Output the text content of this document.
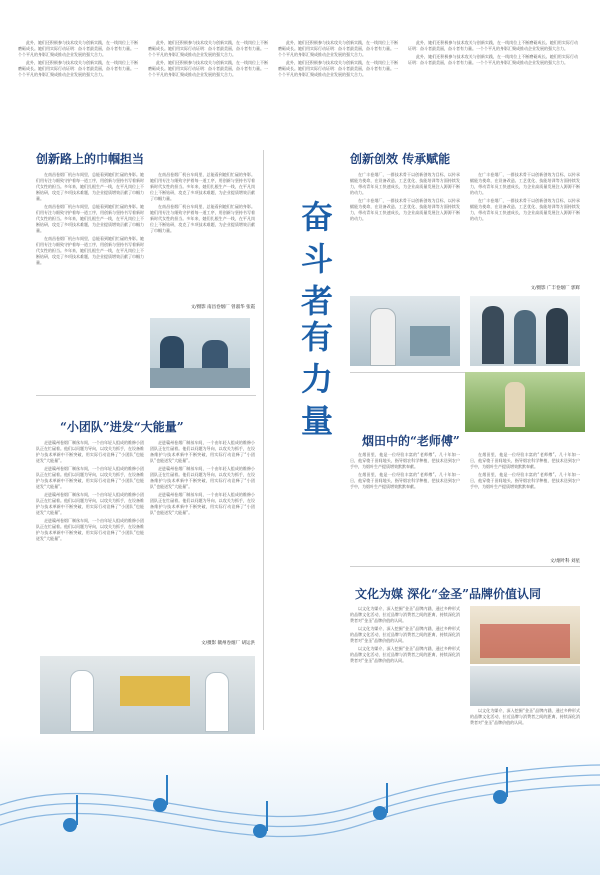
此外，她们还积极参与技术攻关与创新实践，在一线岗位上不断磨砺成长。她们用实际行动证明：奋斗者最美丽，奋斗者有力量。一个个平凡的身影汇聚成推动企业发展的强大合力。

此外，她们还积极参与技术攻关与创新实践，在一线岗位上不断磨砺成长。她们用实际行动证明：奋斗者最美丽，奋斗者有力量。一个个平凡的身影汇聚成推动企业发展的强大合力。

此外，她们还积极参与技术攻关与创新实践，在一线岗位上不断磨砺成长。她们用实际行动证明：奋斗者最美丽，奋斗者有力量。一个个平凡的身影汇聚成推动企业发展的强大合力。

此外，她们还积极参与技术攻关与创新实践，在一线岗位上不断磨砺成长。她们用实际行动证明：奋斗者最美丽，奋斗者有力量。一个个平凡的身影汇聚成推动企业发展的强大合力。

此外，她们还积极参与技术攻关与创新实践，在一线岗位上不断磨砺成长。她们用实际行动证明：奋斗者最美丽，奋斗者有力量。一个个平凡的身影汇聚成推动企业发展的强大合力。

此外，她们还积极参与技术攻关与创新实践，在一线岗位上不断磨砺成长。她们用实际行动证明：奋斗者最美丽，奋斗者有力量。一个个平凡的身影汇聚成推动企业发展的强大合力。

此外，她们还积极参与技术攻关与创新实践，在一线岗位上不断磨砺成长。她们用实际行动证明：奋斗者最美丽，奋斗者有力量。一个个平凡的身影汇聚成推动企业发展的强大合力。

此外，她们还积极参与技术攻关与创新实践，在一线岗位上不断磨砺成长。她们用实际行动证明：奋斗者最美丽，奋斗者有力量。一个个平凡的身影汇聚成推动企业发展的强大合力。

创新路上的巾帼担当

在南昌卷烟厂机台车间里，总能看到她们忙碌的身影。她们用专注与细致守护着每一道工序，用创新与坚持书写着新时代女性的担当。多年来，她们扎根生产一线，在平凡岗位上不断钻研，攻克了多项技术难题，为企业提质增效贡献了巾帼力量。

在南昌卷烟厂机台车间里，总能看到她们忙碌的身影。她们用专注与细致守护着每一道工序，用创新与坚持书写着新时代女性的担当。多年来，她们扎根生产一线，在平凡岗位上不断钻研，攻克了多项技术难题，为企业提质增效贡献了巾帼力量。

在南昌卷烟厂机台车间里，总能看到她们忙碌的身影。她们用专注与细致守护着每一道工序，用创新与坚持书写着新时代女性的担当。多年来，她们扎根生产一线，在平凡岗位上不断钻研，攻克了多项技术难题，为企业提质增效贡献了巾帼力量。

在南昌卷烟厂机台车间里，总能看到她们忙碌的身影。她们用专注与细致守护着每一道工序，用创新与坚持书写着新时代女性的担当。多年来，她们扎根生产一线，在平凡岗位上不断钻研，攻克了多项技术难题，为企业提质增效贡献了巾帼力量。

在南昌卷烟厂机台车间里，总能看到她们忙碌的身影。她们用专注与细致守护着每一道工序，用创新与坚持书写着新时代女性的担当。多年来，她们扎根生产一线，在平凡岗位上不断钻研，攻克了多项技术难题，为企业提质增效贡献了巾帼力量。

文/摄影 南昌卷烟厂 曾淑华 张霞
“小团队”进发“大能量”

走进赣州卷烟厂制丝车间，一个由年轻人组成的维修小团队正在忙碌着。他们以问题为导向，以攻关为抓手，在设备维护与技术革新中不断突破，用实际行动诠释了“小团队”也能迸发“大能量”。

走进赣州卷烟厂制丝车间，一个由年轻人组成的维修小团队正在忙碌着。他们以问题为导向，以攻关为抓手，在设备维护与技术革新中不断突破，用实际行动诠释了“小团队”也能迸发“大能量”。

走进赣州卷烟厂制丝车间，一个由年轻人组成的维修小团队正在忙碌着。他们以问题为导向，以攻关为抓手，在设备维护与技术革新中不断突破，用实际行动诠释了“小团队”也能迸发“大能量”。

走进赣州卷烟厂制丝车间，一个由年轻人组成的维修小团队正在忙碌着。他们以问题为导向，以攻关为抓手，在设备维护与技术革新中不断突破，用实际行动诠释了“小团队”也能迸发“大能量”。

走进赣州卷烟厂制丝车间，一个由年轻人组成的维修小团队正在忙碌着。他们以问题为导向，以攻关为抓手，在设备维护与技术革新中不断突破，用实际行动诠释了“小团队”也能迸发“大能量”。

走进赣州卷烟厂制丝车间，一个由年轻人组成的维修小团队正在忙碌着。他们以问题为导向，以攻关为抓手，在设备维护与技术革新中不断突破，用实际行动诠释了“小团队”也能迸发“大能量”。

走进赣州卷烟厂制丝车间，一个由年轻人组成的维修小团队正在忙碌着。他们以问题为导向，以攻关为抓手，在设备维护与技术革新中不断突破，用实际行动诠释了“小团队”也能迸发“大能量”。

文/摄影 赣州卷烟厂 胡运洪
奋斗者
有力量
创新创效 传承赋能

在广丰卷烟厂，一群技术骨干以创新创效为目标，以传承赋能为使命，在设备改造、工艺优化、技能培训等方面持续发力，带动青年员工快速成长，为企业高质量发展注入源源不断的动力。

在广丰卷烟厂，一群技术骨干以创新创效为目标，以传承赋能为使命，在设备改造、工艺优化、技能培训等方面持续发力，带动青年员工快速成长，为企业高质量发展注入源源不断的动力。

在广丰卷烟厂，一群技术骨干以创新创效为目标，以传承赋能为使命，在设备改造、工艺优化、技能培训等方面持续发力，带动青年员工快速成长，为企业高质量发展注入源源不断的动力。

在广丰卷烟厂，一群技术骨干以创新创效为目标，以传承赋能为使命，在设备改造、工艺优化、技能培训等方面持续发力，带动青年员工快速成长，为企业高质量发展注入源源不断的动力。

文/摄影 广丰卷烟厂 郭辉
烟田中的“老师傅”

在烟田里，他是一位经验丰富的“老师傅”。几十年如一日，他穿梭于田间地头，指导烟农科学种植，把技术送到农户手中，为烟叶生产提质增效默默奉献。

在烟田里，他是一位经验丰富的“老师傅”。几十年如一日，他穿梭于田间地头，指导烟农科学种植，把技术送到农户手中，为烟叶生产提质增效默默奉献。

在烟田里，他是一位经验丰富的“老师傅”。几十年如一日，他穿梭于田间地头，指导烟农科学种植，把技术送到农户手中，为烟叶生产提质增效默默奉献。

在烟田里，他是一位经验丰富的“老师傅”。几十年如一日，他穿梭于田间地头，指导烟农科学种植，把技术送到农户手中，为烟叶生产提质增效默默奉献。

文/烟叶科 刘星
文化为媒 深化“金圣”品牌价值认同

以文化为媒介，深入挖掘“金圣”品牌内涵，通过多种形式的品牌文化活动，拉近品牌与消费者之间的距离，持续深化消费者对“金圣”品牌价值的认同。

以文化为媒介，深入挖掘“金圣”品牌内涵，通过多种形式的品牌文化活动，拉近品牌与消费者之间的距离，持续深化消费者对“金圣”品牌价值的认同。

以文化为媒介，深入挖掘“金圣”品牌内涵，通过多种形式的品牌文化活动，拉近品牌与消费者之间的距离，持续深化消费者对“金圣”品牌价值的认同。

以文化为媒介，深入挖掘“金圣”品牌内涵，通过多种形式的品牌文化活动，拉近品牌与消费者之间的距离，持续深化消费者对“金圣”品牌价值的认同。
